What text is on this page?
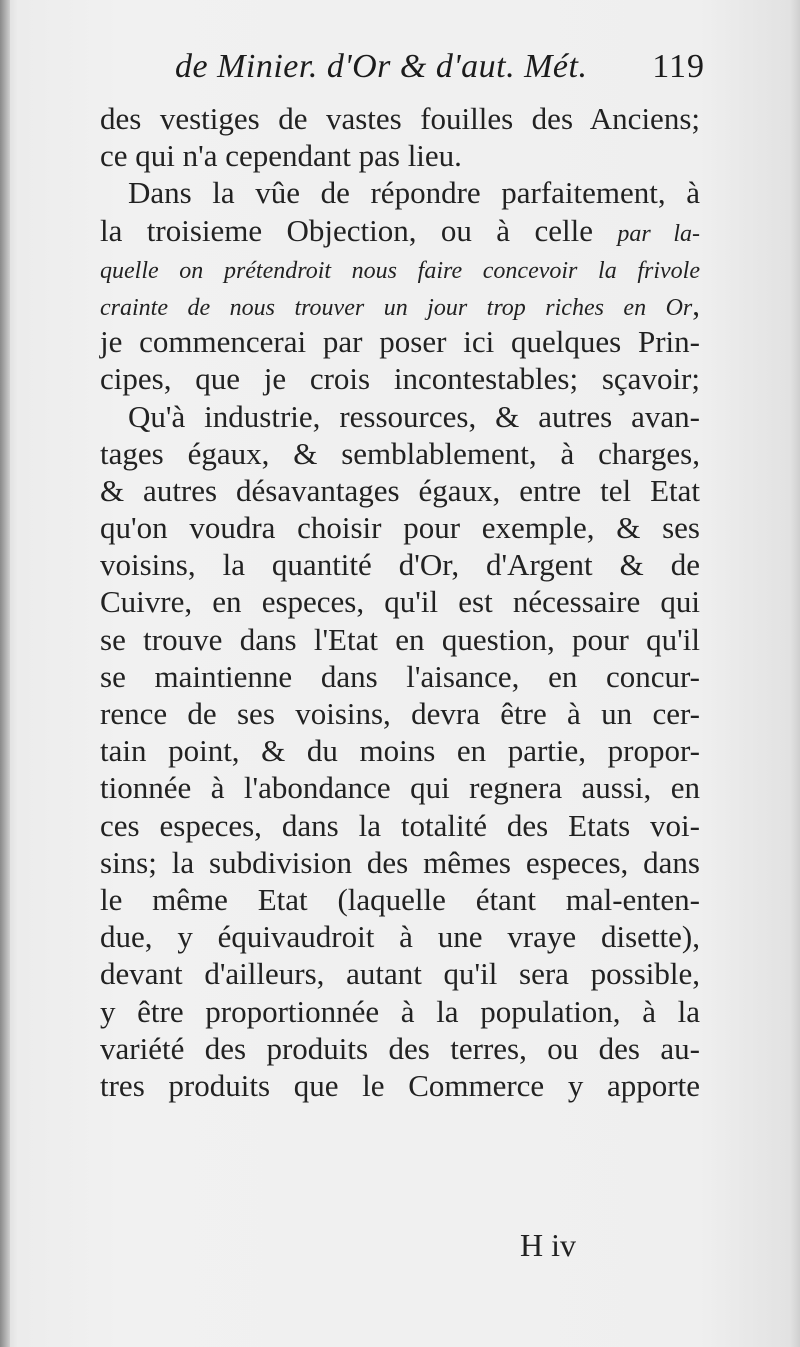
de Minier. d'Or & d'aut. Mét. 119
des vestiges de vastes fouilles des Anciens;
ce qui n'a cependant pas lieu.
Dans la vûe de répondre parfaitement, à
la troisieme Objection, ou à celle par la-
quelle on prétendroit nous faire concevoir la frivole
crainte de nous trouver un jour trop riches en Or,
je commencerai par poser ici quelques Prin-
cipes, que je crois incontestables; sçavoir;
Qu'à industrie, ressources, & autres avan-
tages égaux, & semblablement, à charges,
& autres désavantages égaux, entre tel Etat
qu'on voudra choisir pour exemple, & ses
voisins, la quantité d'Or, d'Argent & de
Cuivre, en especes, qu'il est nécessaire qui
se trouve dans l'Etat en question, pour qu'il
se maintienne dans l'aisance, en concur-
rence de ses voisins, devra être à un cer-
tain point, & du moins en partie, propor-
tionnée à l'abondance qui regnera aussi, en
ces especes, dans la totalité des Etats voi-
sins; la subdivision des mêmes especes, dans
le même Etat (laquelle étant mal-enten-
due, y équivaudroit à une vraye disette),
devant d'ailleurs, autant qu'il sera possible,
y être proportionnée à la population, à la
variété des produits des terres, ou des au-
tres produits que le Commerce y apporte
H iv
